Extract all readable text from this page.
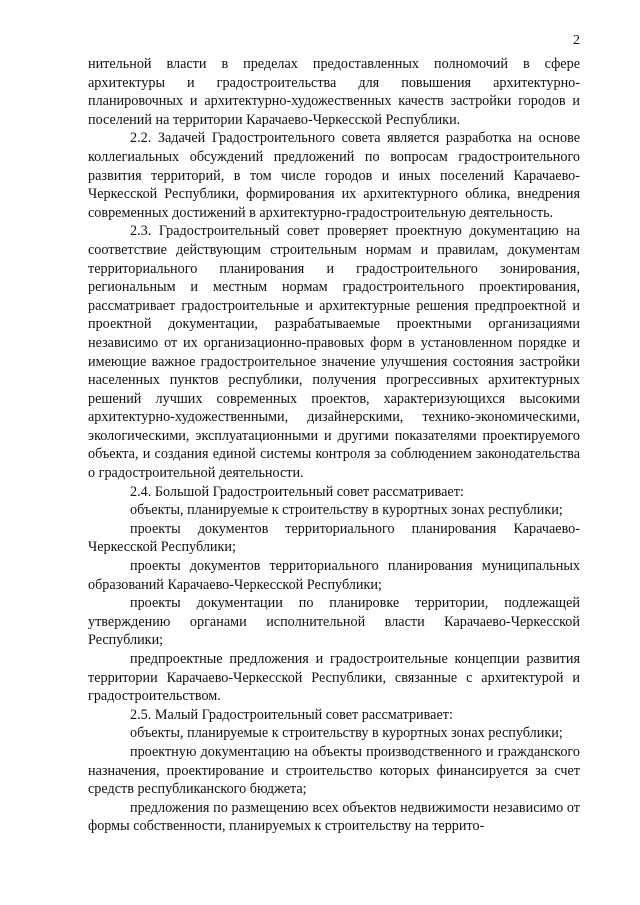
2

нительной власти в пределах предоставленных полномочий в сфере архитектуры и градостроительства для повышения архитектурно-планировочных и архитектурно-художественных качеств застройки городов и поселений на территории Карачаево-Черкесской Республики.

2.2. Задачей Градостроительного совета является разработка на основе коллегиальных обсуждений предложений по вопросам градостроительного развития территорий, в том числе городов и иных поселений Карачаево-Черкесской Республики, формирования их архитектурного облика, внедрения современных достижений в архитектурно-градостроительную деятельность.

2.3. Градостроительный совет проверяет проектную документацию на соответствие действующим строительным нормам и правилам, документам территориального планирования и градостроительного зонирования, региональным и местным нормам градостроительного проектирования, рассматривает градостроительные и архитектурные решения предпроектной и проектной документации, разрабатываемые проектными организациями независимо от их организационно-правовых форм в установленном порядке и имеющие важное градостроительное значение улучшения состояния застройки населенных пунктов республики, получения прогрессивных архитектурных решений лучших современных проектов, характеризующихся высокими архитектурно-художественными, дизайнерскими, технико-экономическими, экологическими, эксплуатационными и другими показателями проектируемого объекта, и создания единой системы контроля за соблюдением законодательства о градостроительной деятельности.

2.4. Большой Градостроительный совет рассматривает:

объекты, планируемые к строительству в курортных зонах республики;

проекты документов территориального планирования Карачаево-Черкесской Республики;

проекты документов территориального планирования муниципальных образований Карачаево-Черкесской Республики;

проекты документации по планировке территории, подлежащей утверждению органами исполнительной власти Карачаево-Черкесской Республики;

предпроектные предложения и градостроительные концепции развития территории Карачаево-Черкесской Республики, связанные с архитектурой и градостроительством.

2.5. Малый Градостроительный совет рассматривает:

объекты, планируемые к строительству в курортных зонах республики;

проектную документацию на объекты производственного и гражданского назначения, проектирование и строительство которых финансируется за счет средств республиканского бюджета;

предложения по размещению всех объектов недвижимости независимо от формы собственности, планируемых к строительству на террито-
